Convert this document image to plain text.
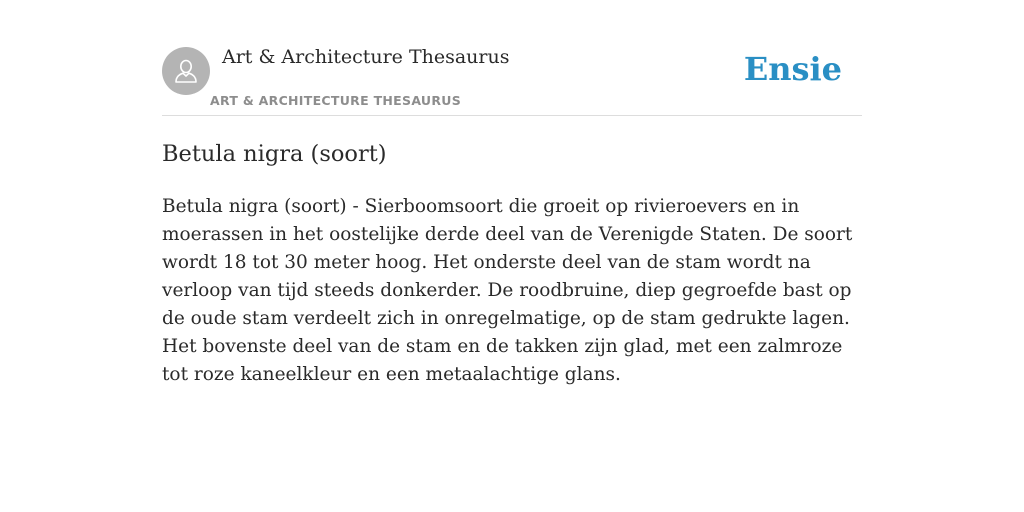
Art & Architecture Thesaurus
ART & ARCHITECTURE THESAURUS
Ensie
Betula nigra (soort)

Betula nigra (soort) - Sierboomsoort die groeit op rivieroevers en in moerassen in het oostelijke derde deel van de Verenigde Staten. De soort wordt 18 tot 30 meter hoog. Het onderste deel van de stam wordt na verloop van tijd steeds donkerder. De roodbruine, diep gegroefde bast op de oude stam verdeelt zich in onregelmatige, op de stam gedrukte lagen. Het bovenste deel van de stam en de takken zijn glad, met een zalmroze tot roze kaneelkleur en een metaalachtige glans.
